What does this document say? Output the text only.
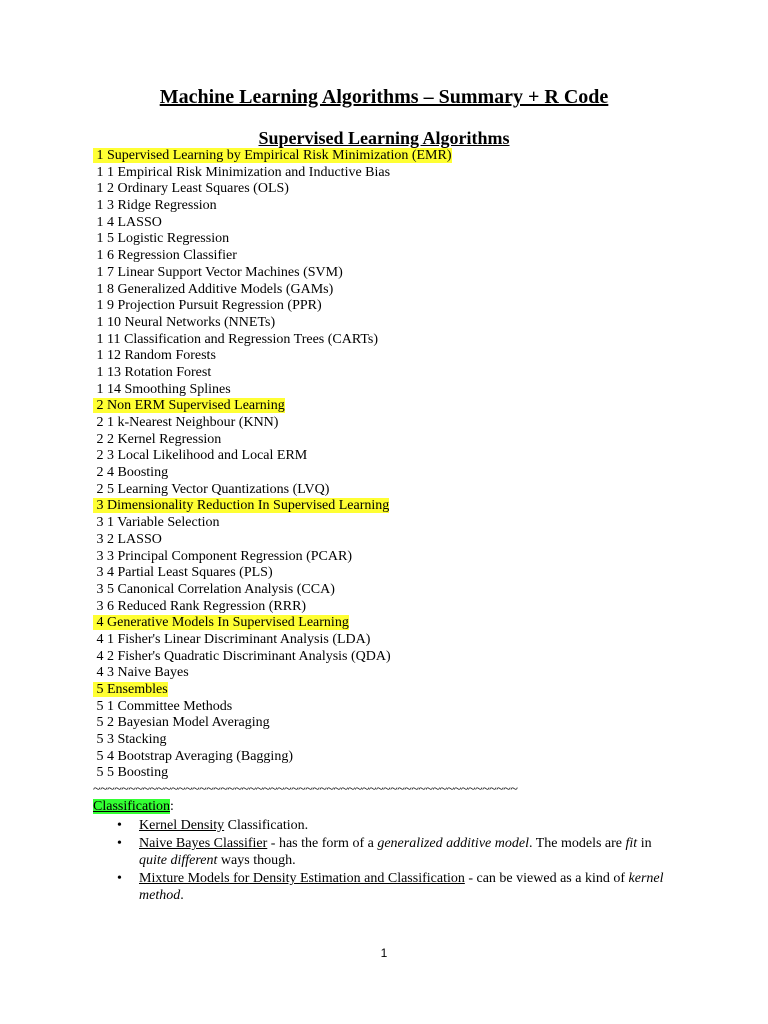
Machine Learning Algorithms – Summary + R Code
Supervised Learning Algorithms
1 Supervised Learning by Empirical Risk Minimization (EMR)
1 1 Empirical Risk Minimization and Inductive Bias
1 2 Ordinary Least Squares (OLS)
1 3 Ridge Regression
1 4 LASSO
1 5 Logistic Regression
1 6 Regression Classifier
1 7 Linear Support Vector Machines (SVM)
1 8 Generalized Additive Models (GAMs)
1 9 Projection Pursuit Regression (PPR)
1 10 Neural Networks (NNETs)
1 11 Classification and Regression Trees (CARTs)
1 12 Random Forests
1 13 Rotation Forest
1 14 Smoothing Splines
2 Non ERM Supervised Learning
2 1 k-Nearest Neighbour (KNN)
2 2 Kernel Regression
2 3 Local Likelihood and Local ERM
2 4 Boosting
2 5 Learning Vector Quantizations (LVQ)
3 Dimensionality Reduction In Supervised Learning
3 1 Variable Selection
3 2 LASSO
3 3 Principal Component Regression (PCAR)
3 4 Partial Least Squares (PLS)
3 5 Canonical Correlation Analysis (CCA)
3 6 Reduced Rank Regression (RRR)
4 Generative Models In Supervised Learning
4 1 Fisher's Linear Discriminant Analysis (LDA)
4 2 Fisher's Quadratic Discriminant Analysis (QDA)
4 3 Naive Bayes
5 Ensembles
5 1 Committee Methods
5 2 Bayesian Model Averaging
5 3 Stacking
5 4 Bootstrap Averaging (Bagging)
5 5 Boosting
~~~~~~~~~~~~~~~~~~~~~~~~~~~~~~~~~~~~~~~~~~~~~~~~~~~~~~~~~~~~
Classification:
• Kernel Density Classification.
• Naive Bayes Classifier - has the form of a generalized additive model. The models are fit in quite different ways though.
• Mixture Models for Density Estimation and Classification - can be viewed as a kind of kernel method.
1
